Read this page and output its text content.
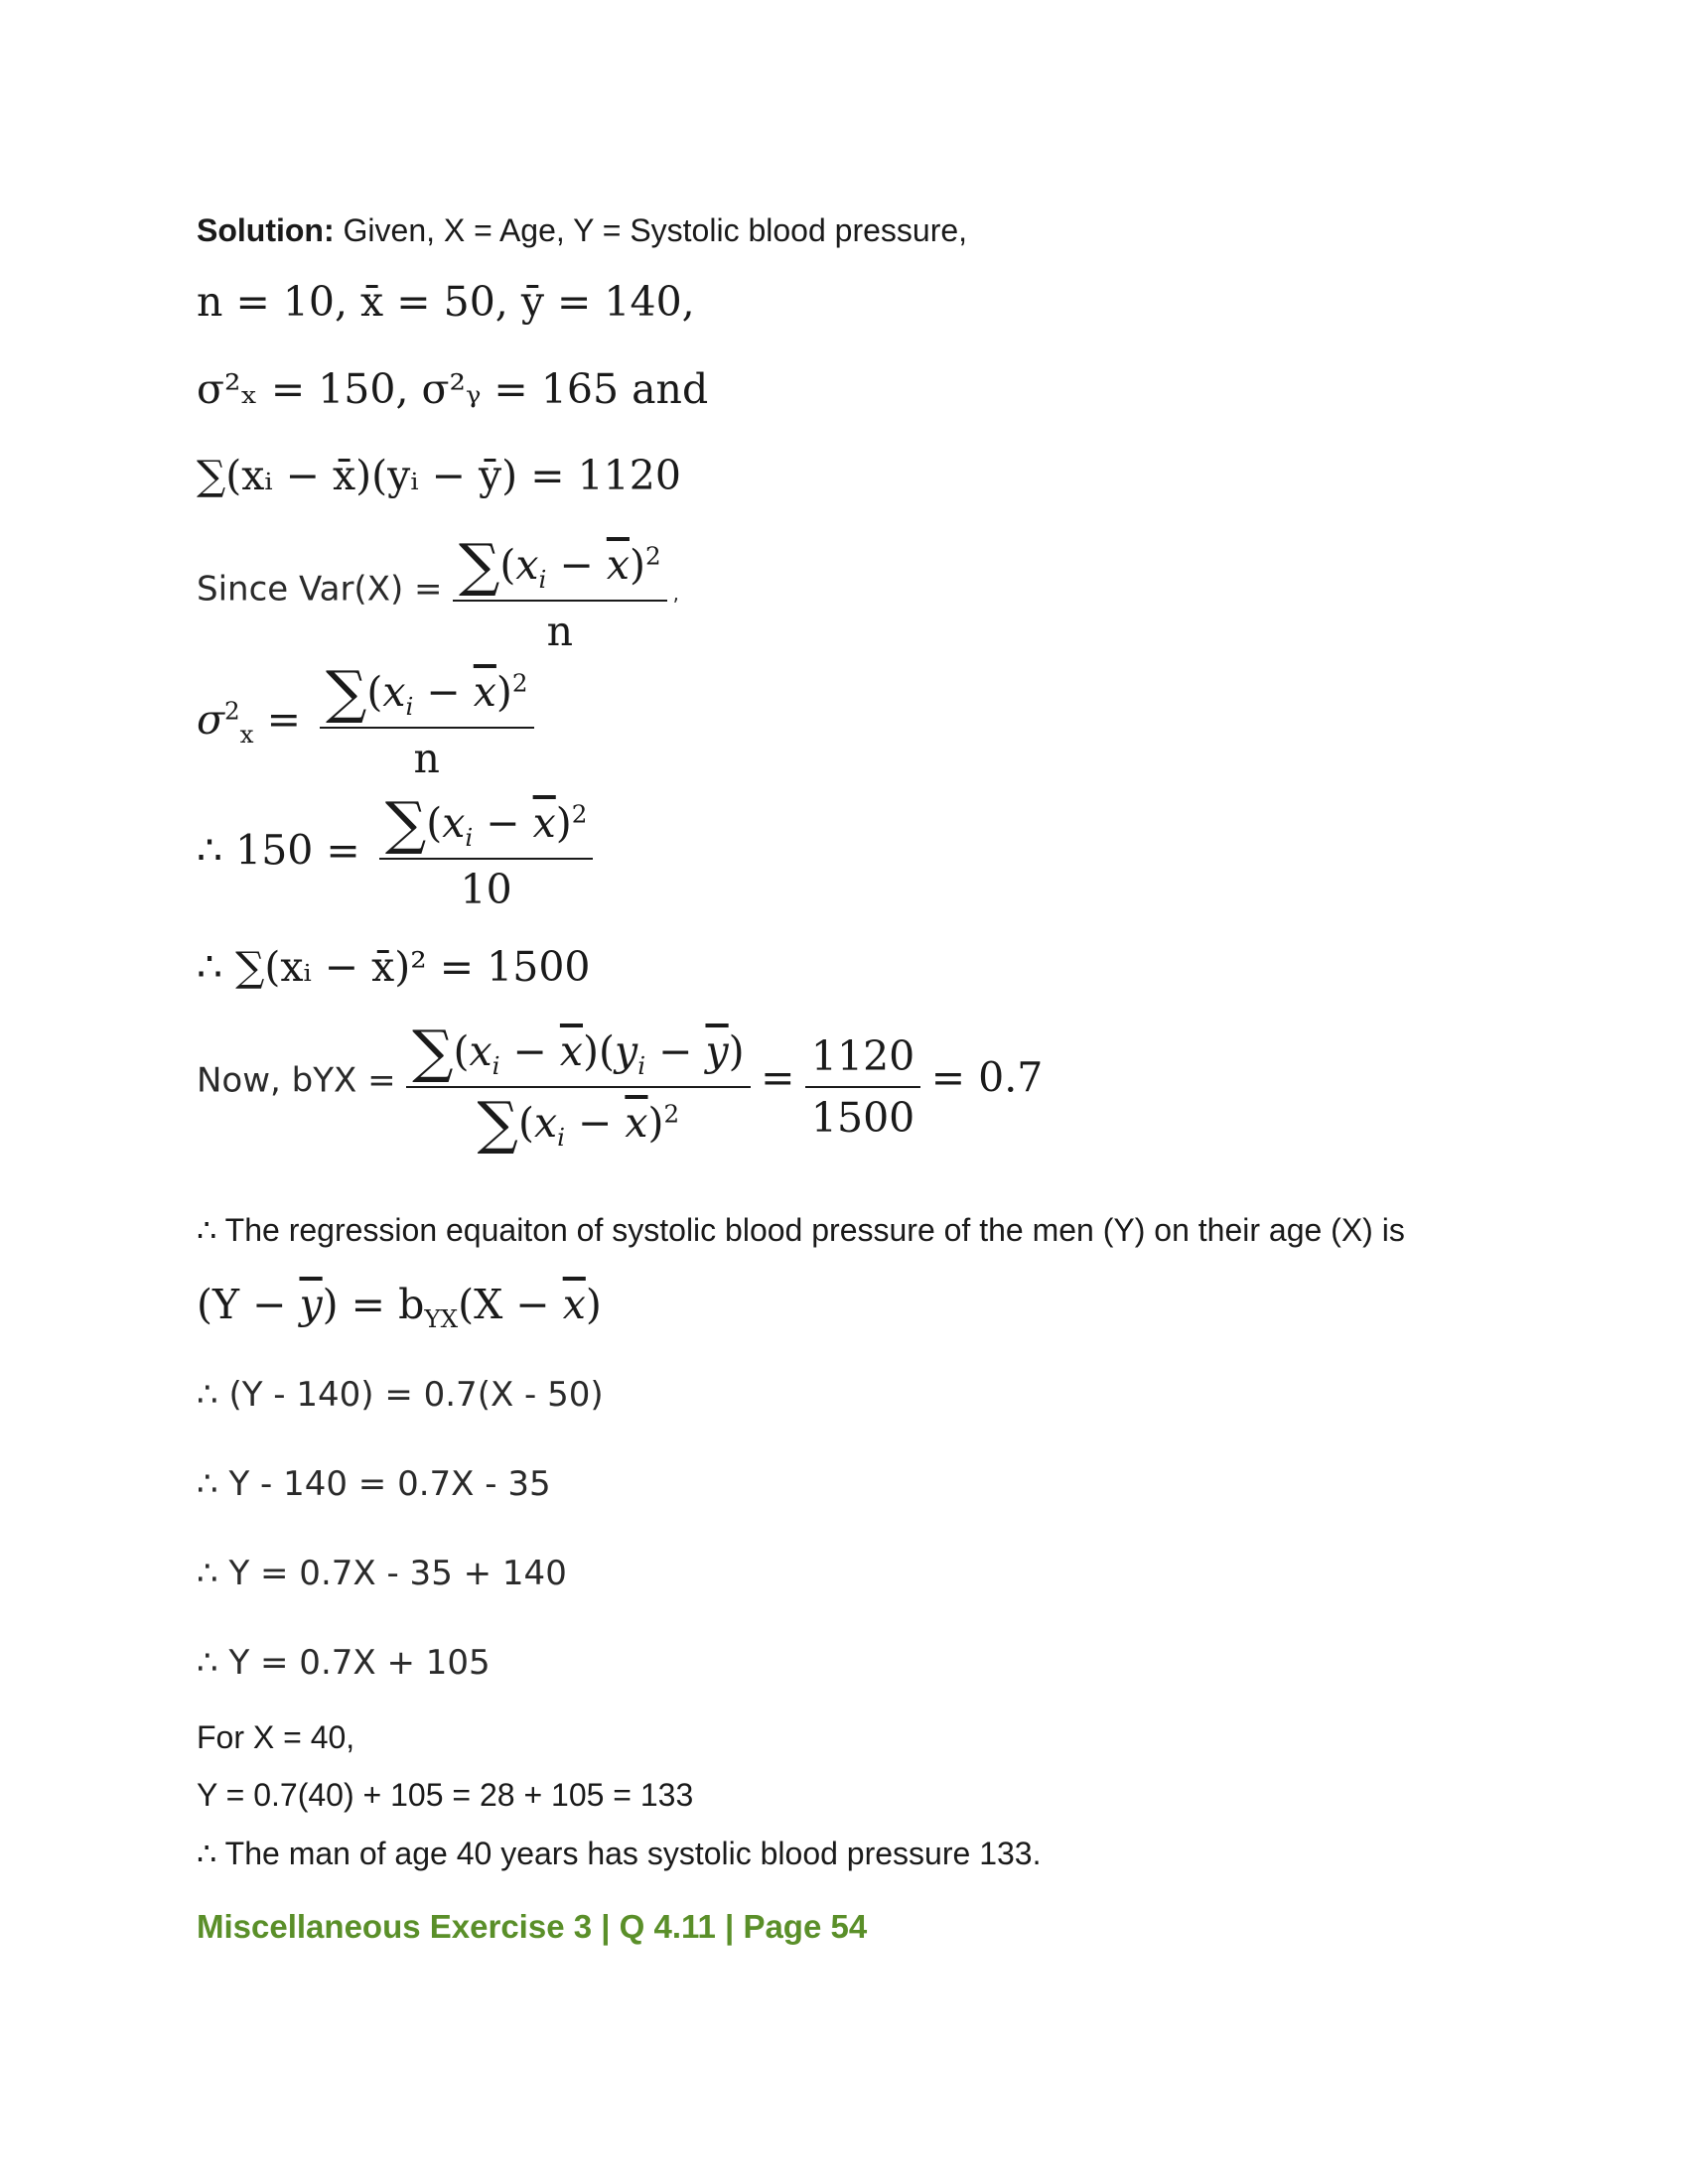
Solution: Given, X = Age, Y = Systolic blood pressure,
n = 10, x̄ = 50, ȳ = 140,
σ²ₓ = 150, σ²ᵧ = 165 and
∑(xᵢ − x̄)(yᵢ − ȳ) = 1120
Since $Var(X) = \frac{\sum(x_i - \overline{x})^2}{n}$ ,
$\sigma^2_x = \frac{\sum(x_i - \overline{x})^2}{n}$
∴ $150 = \frac{\sum(x_i - \overline{x})^2}{10}$
∴ ∑(xᵢ − x̄)² = 1500
Now, bYX = $\frac{\sum(x_i - \overline{x})(y_i - \overline{y})}{\sum(x_i - \overline{x})^2} = \frac{1120}{1500} = 0.7$
∴ The regression equaiton of systolic blood pressure of the men (Y) on their age (X) is
$(Y - \overline{y}) = b_{YX}(X - \overline{x})$
∴ (Y - 140) = 0.7(X - 50)
∴ Y - 140 = 0.7X - 35
∴ Y = 0.7X - 35 + 140
∴ Y = 0.7X + 105
For X = 40,
Y = 0.7(40) + 105 = 28 + 105 = 133
∴ The man of age 40 years has systolic blood pressure 133.
Miscellaneous Exercise 3 | Q 4.11 | Page 54
